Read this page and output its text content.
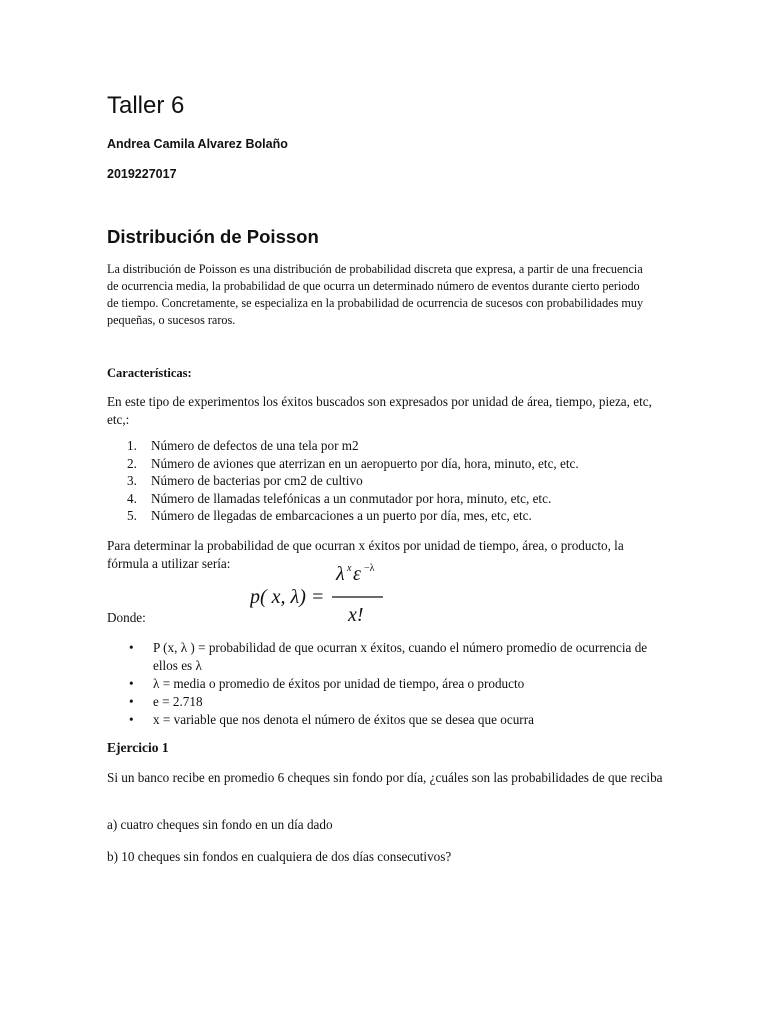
Taller 6
Andrea Camila Alvarez Bolaño
2019227017
Distribución de Poisson
La distribución de Poisson es una distribución de probabilidad discreta que expresa, a partir de una frecuencia de ocurrencia media, la probabilidad de que ocurra un determinado número de eventos durante cierto periodo de tiempo. Concretamente, se especializa en la probabilidad de ocurrencia de sucesos con probabilidades muy pequeñas, o sucesos raros.
Características:
En este tipo de experimentos los éxitos buscados son expresados por unidad de área, tiempo, pieza, etc, etc,:
1. Número de defectos de una tela por m2
2. Número de aviones que aterrizan en un aeropuerto por día, hora, minuto, etc, etc.
3. Número de bacterias por cm2 de cultivo
4. Número de llamadas telefónicas a un conmutador por hora, minuto, etc, etc.
5. Número de llegadas de embarcaciones a un puerto por día, mes, etc, etc.
Para determinar la probabilidad de que ocurran x éxitos por unidad de tiempo, área, o producto, la fórmula a utilizar sería:
p( x, λ) =
λ x ε −λ
x!
Donde:
• P (x, λ ) = probabilidad de que ocurran x éxitos, cuando el número promedio de ocurrencia de ellos es λ
• λ = media o promedio de éxitos por unidad de tiempo, área o producto
• e = 2.718
• x = variable que nos denota el número de éxitos que se desea que ocurra
Ejercicio 1
Si un banco recibe en promedio 6 cheques sin fondo por día, ¿cuáles son las probabilidades de que reciba
a) cuatro cheques sin fondo en un día dado
b) 10 cheques sin fondos en cualquiera de dos días consecutivos?
